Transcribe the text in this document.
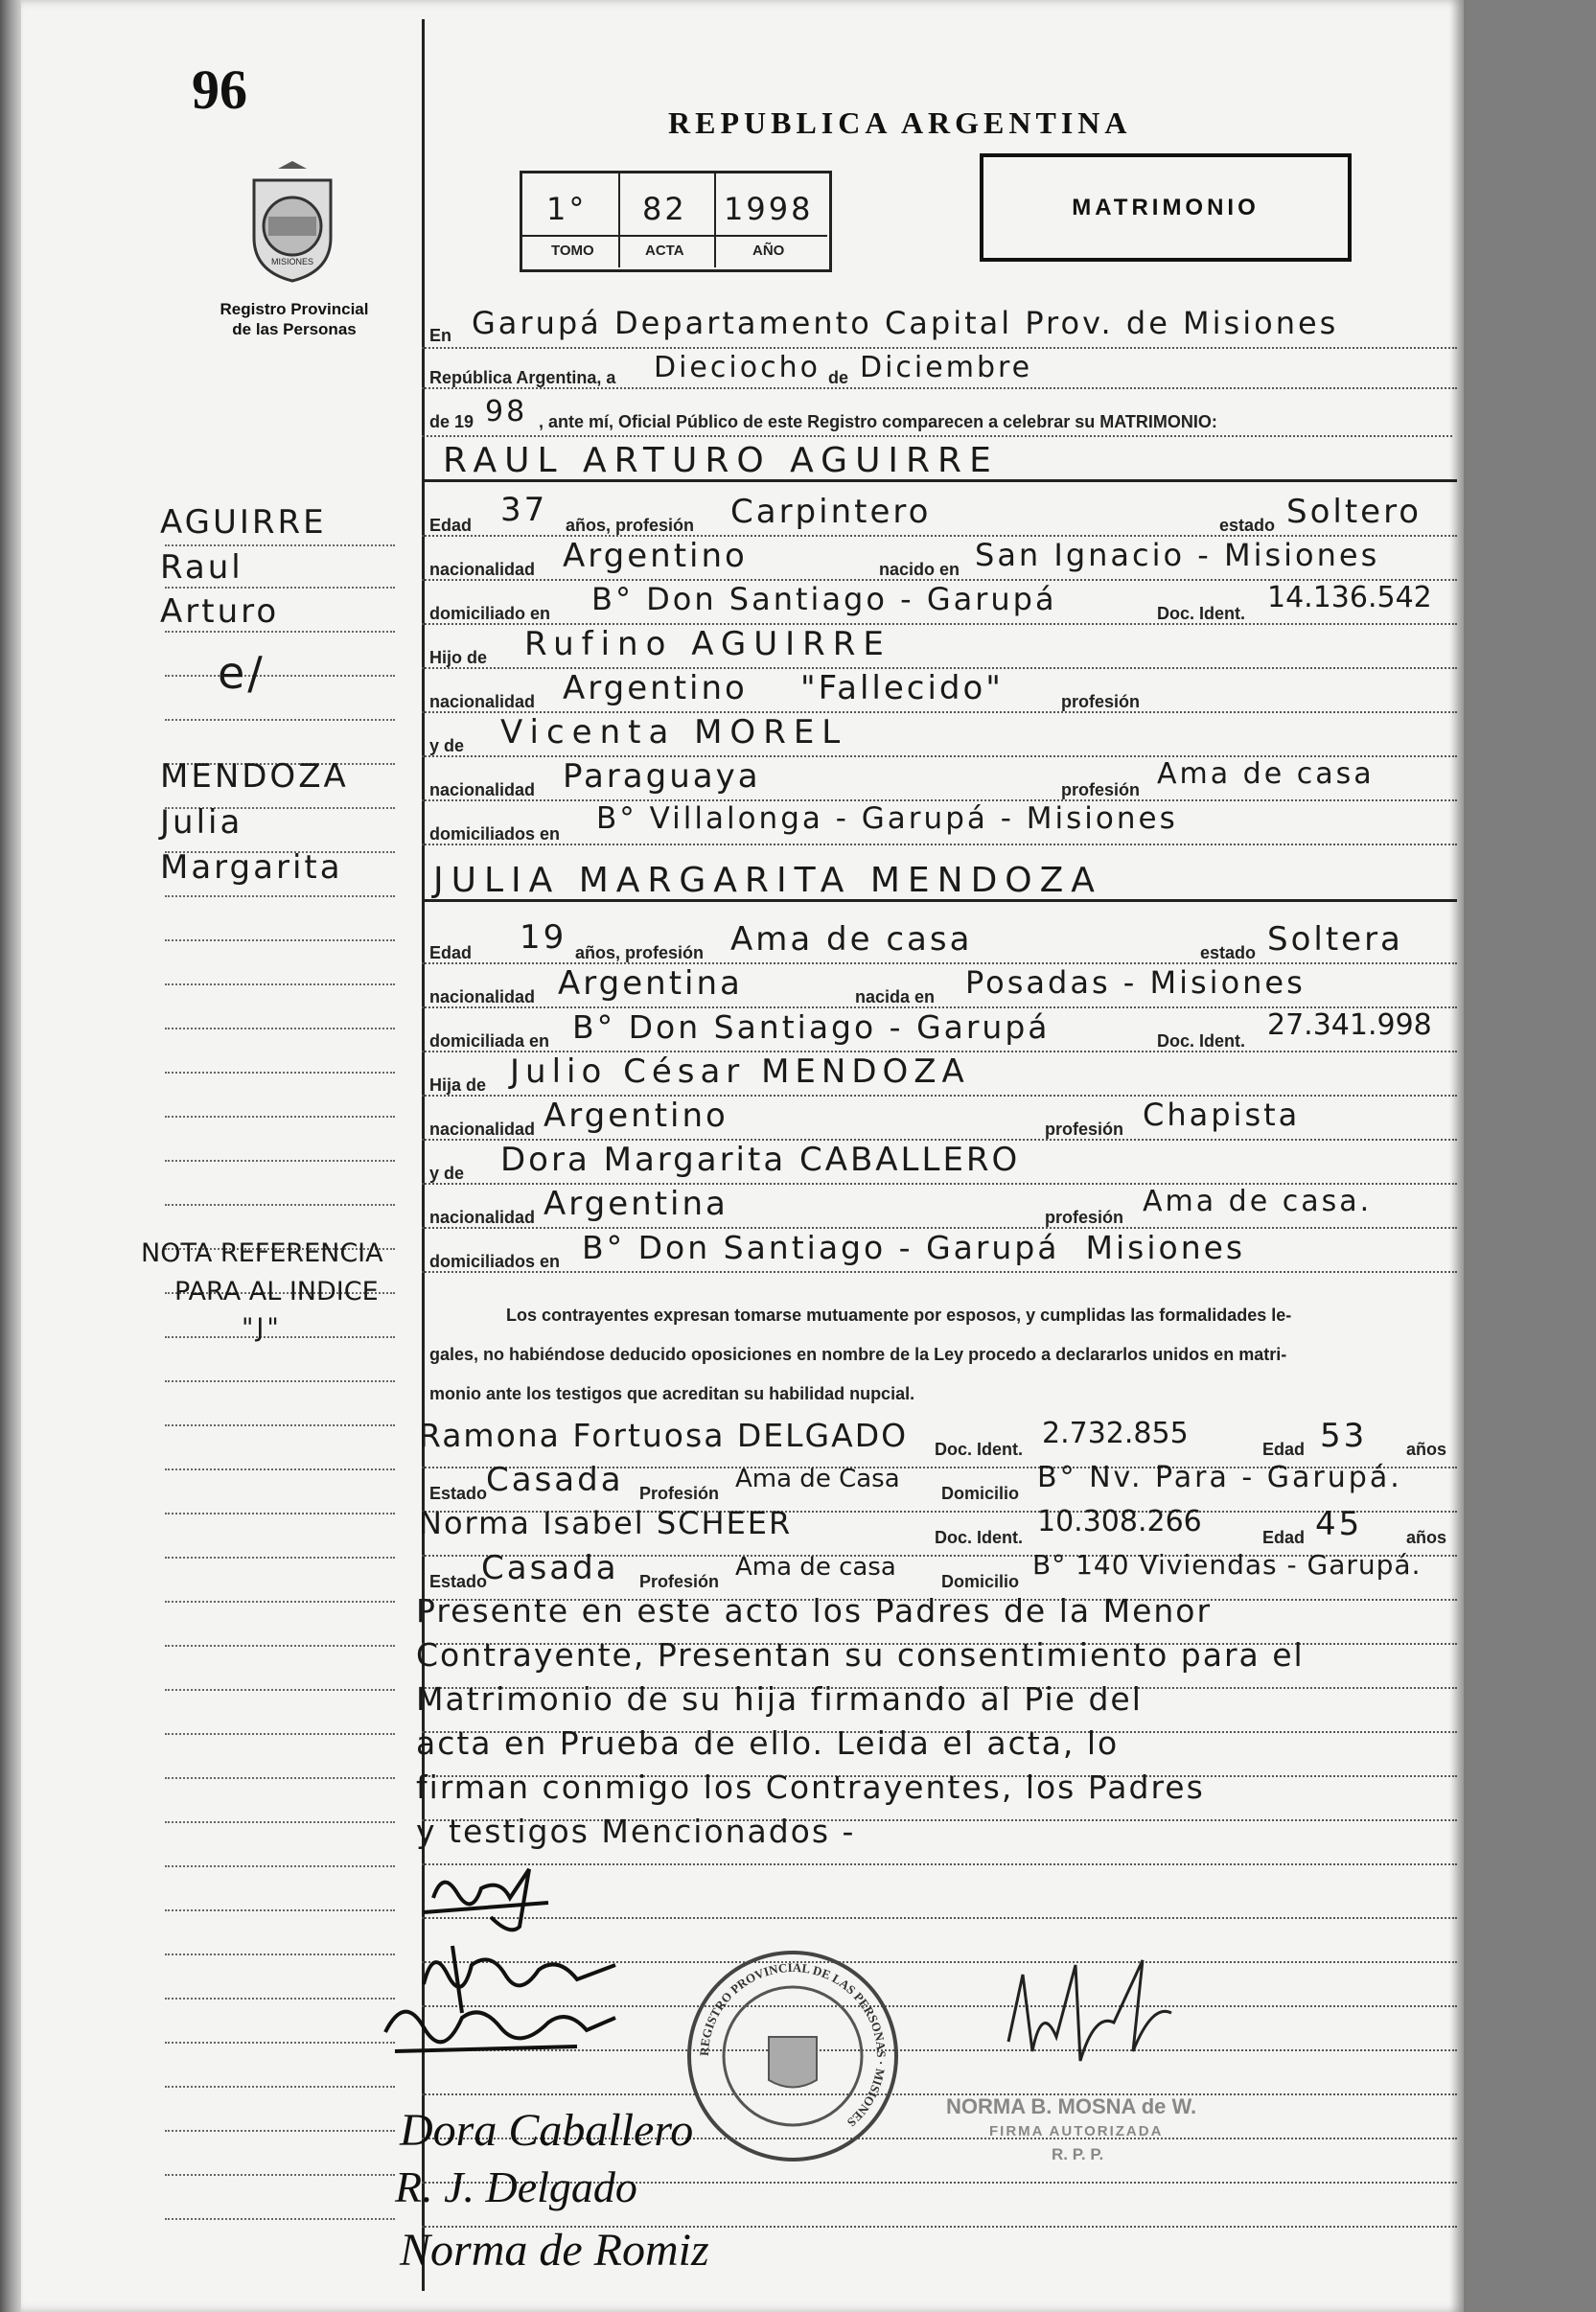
96
MISIONES
Registro Provincial
de las Personas
REPUBLICA ARGENTINA
1° 82 1998
TOMO	ACTA	AÑO
MATRIMONIO
AGUIRRE
Raul
Arturo
e/
MENDOZA
Julia
Margarita
NOTA REFERENCIA
PARA AL INDICE
"J"
En Garupá Departamento Capital Prov. de Misiones
República Argentina, a Dieciocho de Diciembre
de 19 98 , ante mí, Oficial Público de este Registro comparecen a celebrar su MATRIMONIO:
RAUL ARTURO AGUIRRE
Edad 37 años, profesión Carpintero	estado Soltero
nacionalidad Argentino	nacido en San Ignacio - Misiones
domiciliado en B° Don Santiago - Garupá	Doc. Ident. 14.136.542
Hijo de Rufino AGUIRRE
nacionalidad Argentino    "Fallecido"	profesión
y de Vicenta MOREL
nacionalidad Paraguaya	profesión Ama de casa
domiciliados en B° Villalonga - Garupá - Misiones
JULIA MARGARITA MENDOZA
Edad 19 años, profesión Ama de casa	estado Soltera
nacionalidad Argentina	nacida en Posadas - Misiones
domiciliada en B° Don Santiago - Garupá	Doc. Ident. 27.341.998
Hija de Julio César MENDOZA
nacionalidad Argentino	profesión Chapista
y de Dora Margarita CABALLERO
nacionalidad Argentina	profesión Ama de casa.
domiciliados en B° Don Santiago - Garupá  Misiones
Los contrayentes expresan tomarse mutuamente por esposos, y cumplidas las formalidades le-
gales, no habiéndose deducido oposiciones en nombre de la Ley procedo a declararlos unidos en matri-
monio ante los testigos que acreditan su habilidad nupcial.
Ramona Fortuosa DELGADO Doc. Ident. 2.732.855	Edad 53 años
Estado
Casada Profesión Ama de Casa Domicilio B° Nv. Para - Garupá.
Norma Isabel SCHEER	Doc. Ident. 10.308.266	Edad 45	años
Estado
Casada Profesión Ama de casa	Domicilio
B° 140 Viviendas - Garupá.
Presente en este acto los Padres de la Menor
Contrayente, Presentan su consentimiento para el
Matrimonio de su hija firmando al Pie del
acta en Prueba de ello. Leida el acta, lo
firman conmigo los Contrayentes, los Padres
y testigos Mencionados -
Dora Caballero
R. J. Delgado
Norma de Romiz
REGISTRO PROVINCIAL DE LAS PERSONAS · MISIONES
NORMA B. MOSNA de W.
FIRMA AUTORIZADA
R. P. P.
